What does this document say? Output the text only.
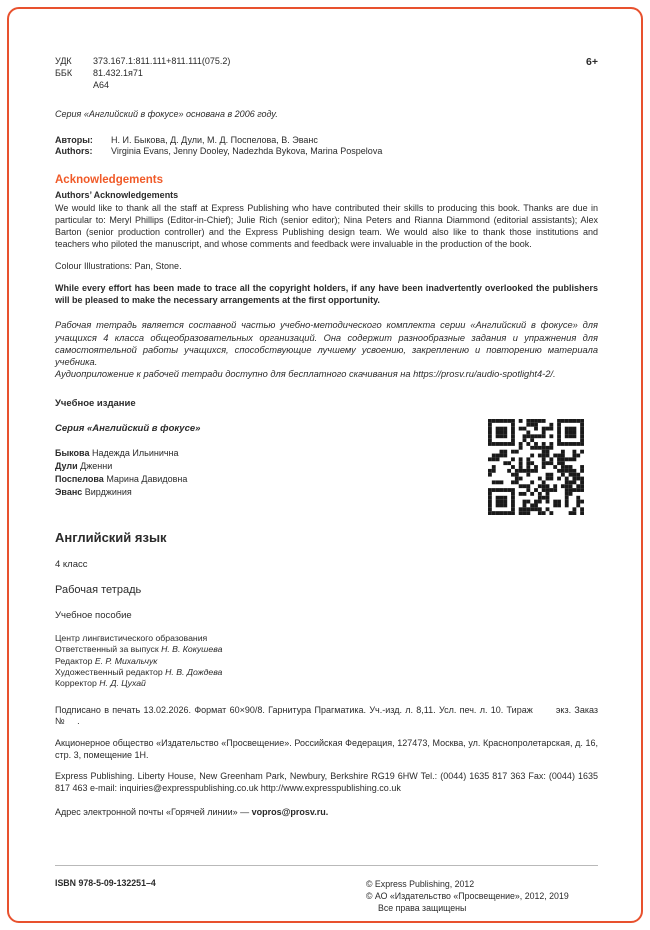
УДК	373.167.1:811.111+811.111(075.2)
ББК	81.432.1я71
А64
6+
Серия «Английский в фокусе» основана в 2006 году.
Авторы:	Н. И. Быкова, Д. Дули, М. Д. Поспелова, В. Эванс
Authors:	Virginia Evans, Jenny Dooley, Nadezhda Bykova, Marina Pospelova
Acknowledgements
Authors’ Acknowledgements
We would like to thank all the staff at Express Publishing who have contributed their skills to producing this book. Thanks are due in particular to: Meryl Phillips (Editor-in-Chief); Julie Rich (senior editor); Nina Peters and Rianna Diammond (editorial assistants); Alex Barton (senior production controller) and the Express Publishing design team. We would also like to thank those institutions and teachers who piloted the manuscript, and whose comments and feedback were invaluable in the production of the book.
Colour Illustrations: Pan, Stone.
While every effort has been made to trace all the copyright holders, if any have been inadvertently overlooked the publishers will be pleased to make the necessary arrangements at the first opportunity.
Рабочая тетрадь является составной частью учебно-методического комплекта серии «Английский в фокусе» для учащихся 4 класса общеобразовательных организаций. Она содержит разнообразные задания и упражнения для самостоятельной работы учащихся, способствующие лучшему усвоению, закреплению и повторению материала учебника.
Аудиоприложение к рабочей тетради доступно для бесплатного скачивания на https://prosv.ru/audio-spotlight4-2/.
Учебное издание
Серия «Английский в фокусе»
Быкова Надежда Ильинична
Дули Дженни
Поспелова Марина Давидовна
Эванс Вирджиния
Английский язык
4 класс
Рабочая тетрадь
Учебное пособие
Центр лингвистического образования
Ответственный за выпуск Н. В. Кокушева
Редактор Е. Р. Михальчук
Художественный редактор Н. В. Дождева
Корректор Н. Д. Цухай
Подписано в печать 13.02.2026. Формат 60×90/8. Гарнитура Прагматика. Уч.-изд. л. 8,11. Усл. печ. л. 10. Тираж       экз. Заказ №     .
Акционерное общество «Издательство «Просвещение». Российская Федерация, 127473, Москва, ул. Краснопролетарская, д. 16, стр. 3, помещение 1Н.
Express Publishing. Liberty House, New Greenham Park, Newbury, Berkshire RG19 6HW Tel.: (0044) 1635 817 363 Fax: (0044) 1635 817 463 e-mail: inquiries@expresspublishing.co.uk http://www.expresspublishing.co.uk
Адрес электронной почты «Горячей линии» — vopros@prosv.ru.
ISBN 978-5-09-132251–4	© Express Publishing, 2012
© АО «Издательство «Просвещение», 2012, 2019
Все права защищены
